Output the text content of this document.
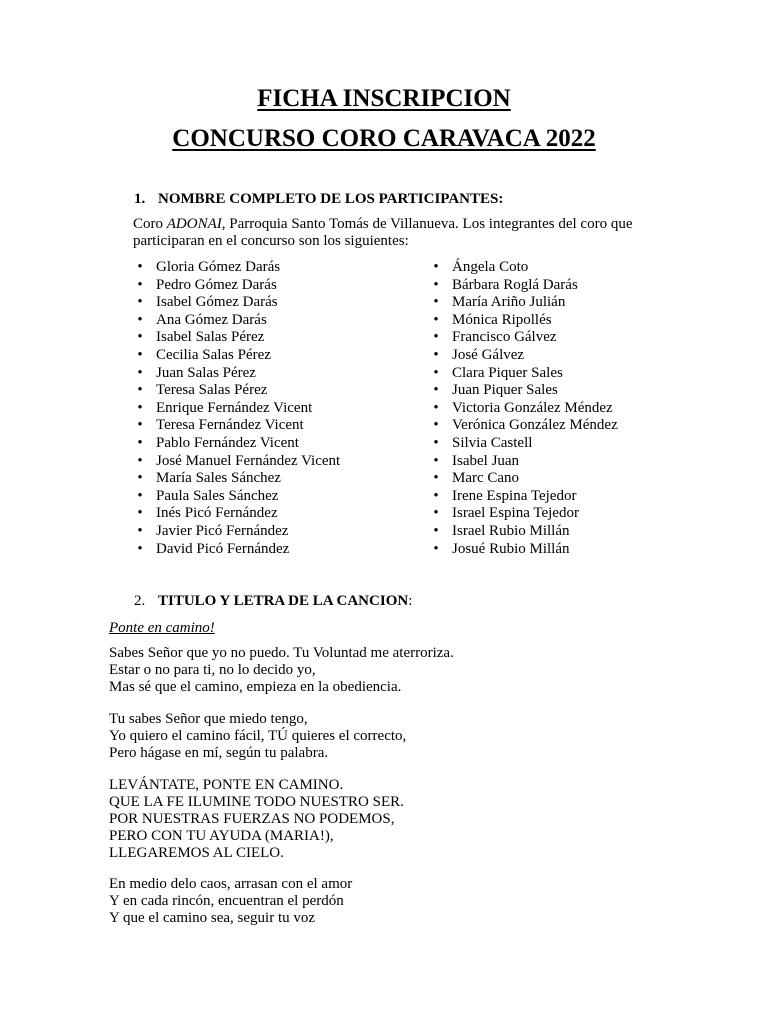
FICHA INSCRIPCION
CONCURSO CORO CARAVACA 2022

1. NOMBRE COMPLETO DE LOS PARTICIPANTES:

Coro ADONAI, Parroquia Santo Tomás de Villanueva. Los integrantes del coro que
participaran en el concurso son los siguientes:

• Gloria Gómez Darás
• Pedro Gómez Darás
• Isabel Gómez Darás
• Ana Gómez Darás
• Isabel Salas Pérez
• Cecilia Salas Pérez
• Juan Salas Pérez
• Teresa Salas Pérez
• Enrique Fernández Vicent
• Teresa Fernández Vicent
• Pablo Fernández Vicent
• José Manuel Fernández Vicent
• María Sales Sánchez
• Paula Sales Sánchez
• Inés Picó Fernández
• Javier Picó Fernández
• David Picó Fernández
• Ángela Coto
• Bárbara Roglá Darás
• María Ariño Julián
• Mónica Ripollés
• Francisco Gálvez
• José Gálvez
• Clara Piquer Sales
• Juan Piquer Sales
• Victoria González Méndez
• Verónica González Méndez
• Silvia Castell
• Isabel Juan
• Marc Cano
• Irene Espina Tejedor
• Israel Espina Tejedor
• Israel Rubio Millán
• Josué Rubio Millán

2. TITULO Y LETRA DE LA CANCION:

Ponte en camino!

Sabes Señor que yo no puedo. Tu Voluntad me aterroriza.
Estar o no para ti, no lo decido yo,
Mas sé que el camino, empieza en la obediencia.

Tu sabes Señor que miedo tengo,
Yo quiero el camino fácil, TÚ quieres el correcto,
Pero hágase en mí, según tu palabra.

LEVÁNTATE, PONTE EN CAMINO.
QUE LA FE ILUMINE TODO NUESTRO SER.
POR NUESTRAS FUERZAS NO PODEMOS,
PERO CON TU AYUDA (MARIA!),
LLEGAREMOS AL CIELO.

En medio delo caos, arrasan con el amor
Y en cada rincón, encuentran el perdón
Y que el camino sea, seguir tu voz
